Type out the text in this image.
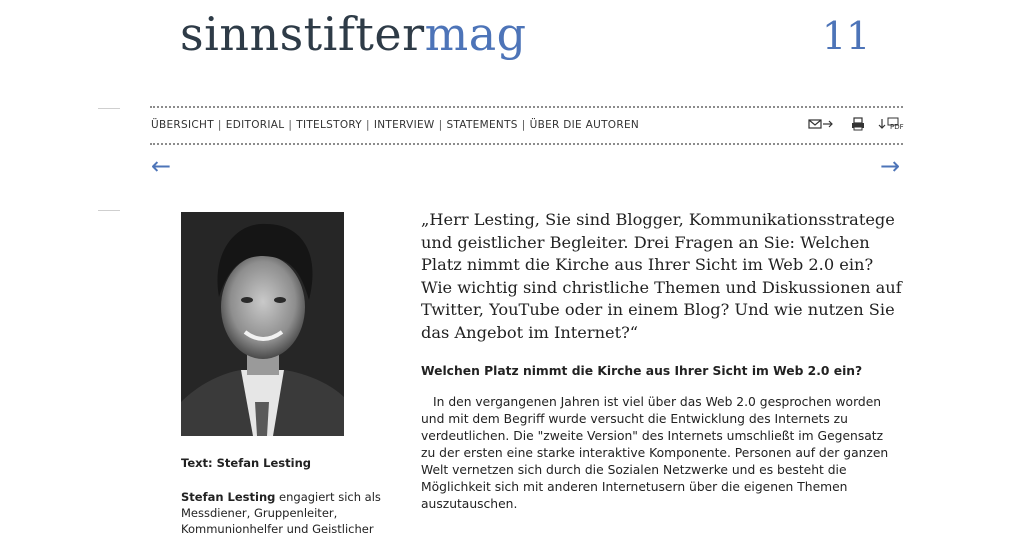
sinnstiftermag	11
ÜBERSICHT | EDITORIAL | TITELSTORY | INTERVIEW | STATEMENTS | ÜBER DIE AUTOREN	PDF
←	→
Text: Stefan Lesting
Stefan Lesting engagiert sich als Messdiener, Gruppenleiter, Kommunionhelfer und Geistlicher
„Herr Lesting, Sie sind Blogger, Kommunikationsstratege und geistlicher Begleiter. Drei Fragen an Sie: Welchen Platz nimmt die Kirche aus Ihrer Sicht im Web 2.0 ein? Wie wichtig sind christliche Themen und Diskussionen auf Twitter, YouTube oder in einem Blog? Und wie nutzen Sie das Angebot im Internet?“
Welchen Platz nimmt die Kirche aus Ihrer Sicht im Web 2.0 ein?
In den vergangenen Jahren ist viel über das Web 2.0 gesprochen worden und mit dem Begriff wurde versucht die Entwicklung des Internets zu verdeutlichen. Die "zweite Version" des Internets umschließt im Gegensatz zu der ersten eine starke interaktive Komponente. Personen auf der ganzen Welt vernetzen sich durch die Sozialen Netzwerke und es besteht die Möglichkeit sich mit anderen Internetusern über die eigenen Themen auszutauschen.
